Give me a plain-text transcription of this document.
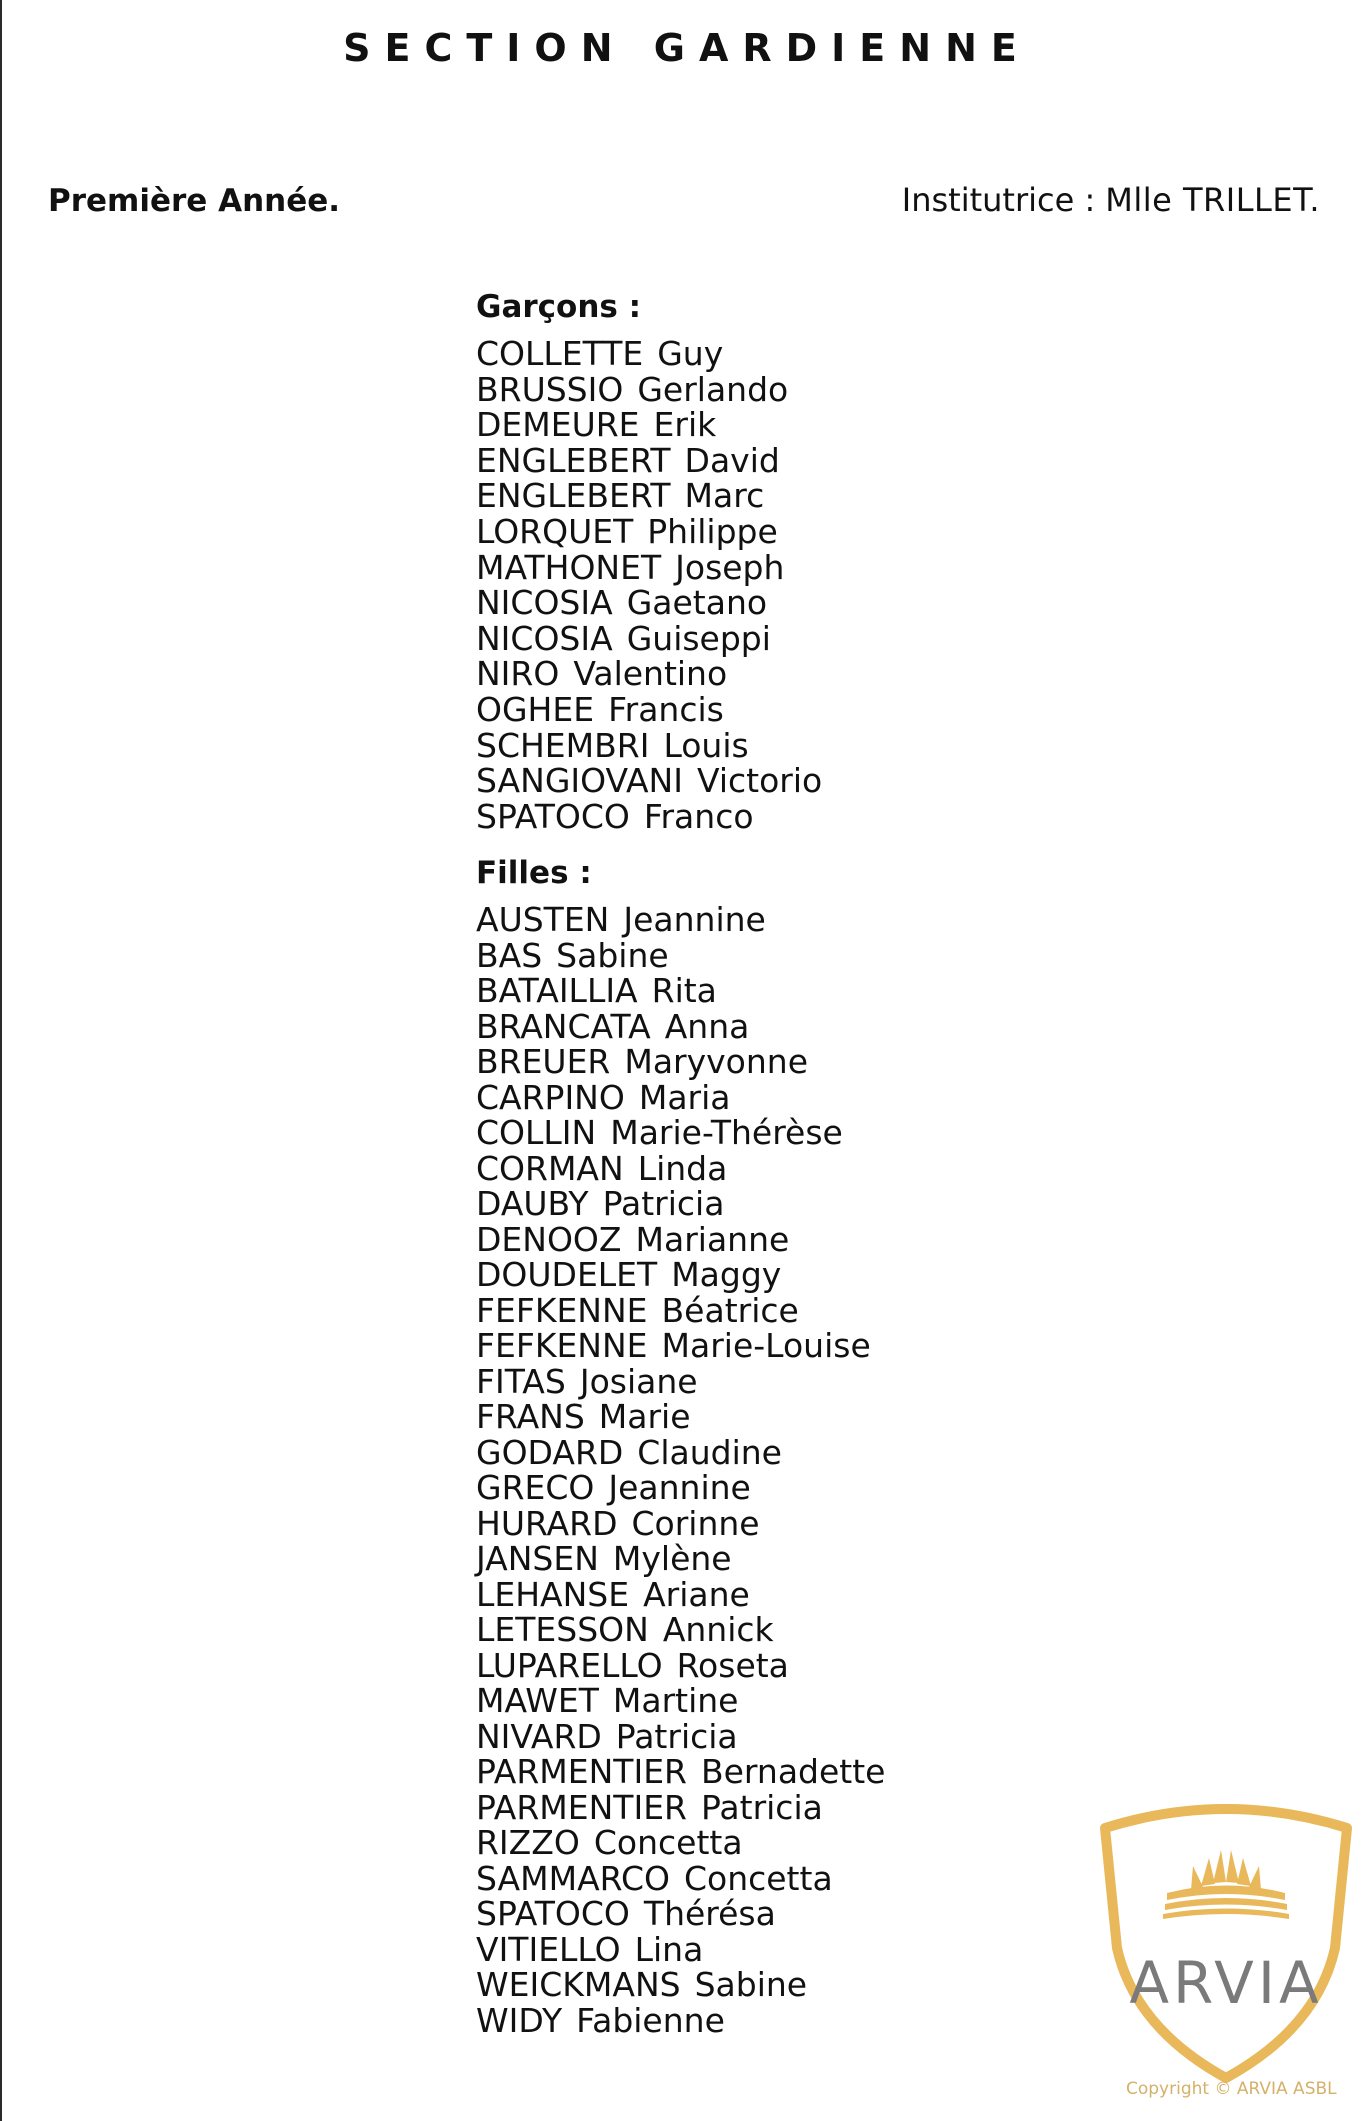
SECTION GARDIENNE

Première Année.	Institutrice : Mlle TRILLET.

Garçons :
COLLETTE Guy
BRUSSIO Gerlando
DEMEURE Erik
ENGLEBERT David
ENGLEBERT Marc
LORQUET Philippe
MATHONET Joseph
NICOSIA Gaetano
NICOSIA Guiseppi
NIRO Valentino
OGHEE Francis
SCHEMBRI Louis
SANGIOVANI Victorio
SPATOCO Franco
Filles :
AUSTEN Jeannine
BAS Sabine
BATAILLIA Rita
BRANCATA Anna
BREUER Maryvonne
CARPINO Maria
COLLIN Marie-Thérèse
CORMAN Linda
DAUBY Patricia
DENOOZ Marianne
DOUDELET Maggy
FEFKENNE Béatrice
FEFKENNE Marie-Louise
FITAS Josiane
FRANS Marie
GODARD Claudine
GRECO Jeannine
HURARD Corinne
JANSEN Mylène
LEHANSE Ariane
LETESSON Annick
LUPARELLO Roseta
MAWET Martine
NIVARD Patricia
PARMENTIER Bernadette
PARMENTIER Patricia
RIZZO Concetta
SAMMARCO Concetta
SPATOCO Thérésa
VITIELLO Lina
WEICKMANS Sabine
WIDY Fabienne
ARVIA
Copyright © ARVIA ASBL
